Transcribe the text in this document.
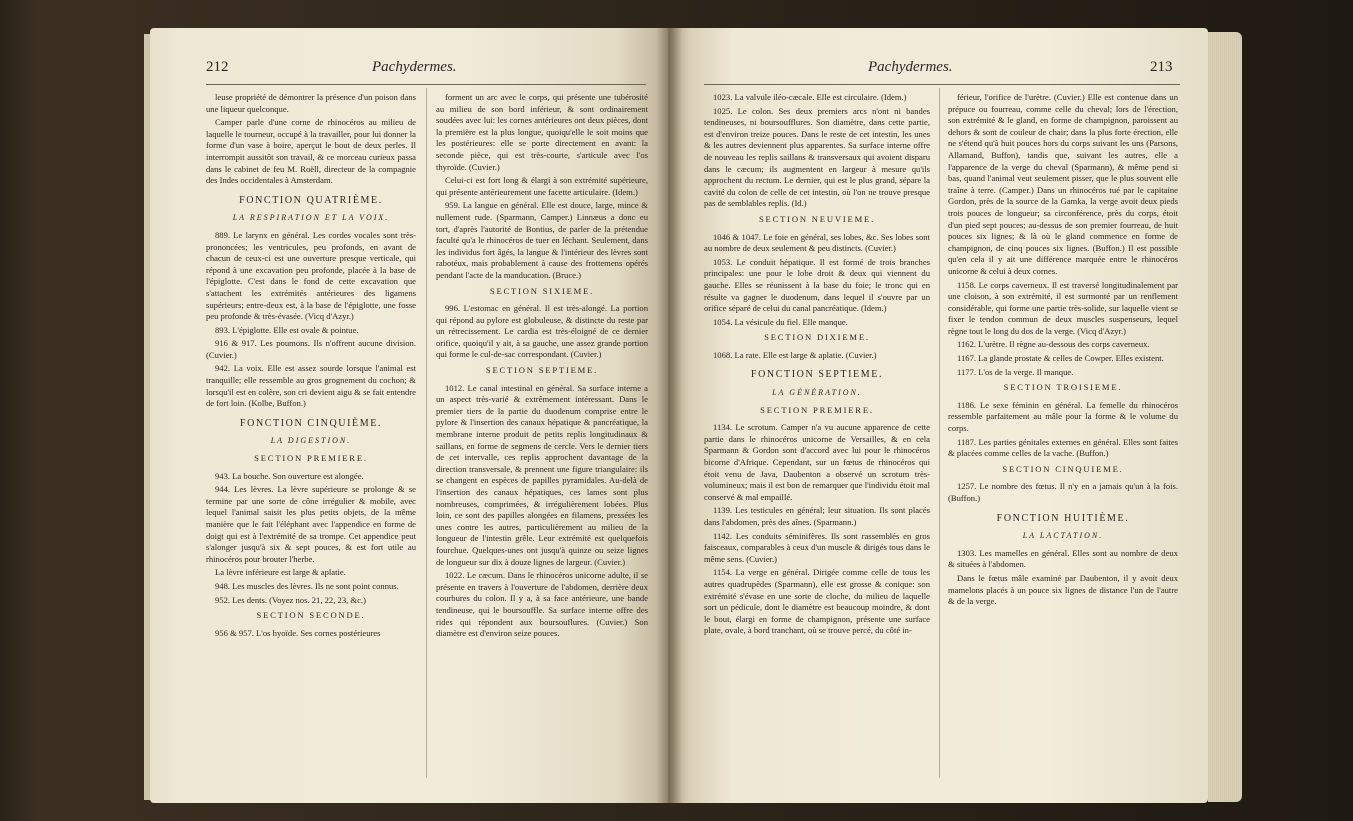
212	Pachydermes.

leuse propriété de démontrer la présence d'un poison dans une liqueur quelconque.

Camper parle d'une corne de rhinocéros au milieu de laquelle le tourneur, occupé à la travailler, pour lui donner la forme d'un vase à boire, aperçut le bout de deux perles. Il interrompit aussitôt son travail, & ce morceau curieux passa dans le cabinet de feu M. Roëll, directeur de la compagnie des Indes occidentales à Amsterdam.

FONCTION QUATRIÈME.
LA RESPIRATION ET LA VOIX.

889. Le larynx en général. Les cordes vocales sont très-prononcées; les ventricules, peu profonds, en avant de chacun de ceux-ci est une ouverture presque verticale, qui répond à une excavation peu profonde, placée à la base de l'épiglotte. C'est dans le fond de cette excavation que s'attachent les extrémités antérieures des ligamens supérieurs; entre-deux est, à la base de l'épiglotte, une fosse peu profonde & très-évasée. (Vicq d'Azyr.)

893. L'épiglotte. Elle est ovale & pointue.

916 & 917. Les poumons. Ils n'offrent aucune division. (Cuvier.)

942. La voix. Elle est assez sourde lorsque l'animal est tranquille; elle ressemble au gros grognement du cochon; & lorsqu'il est en colère, son cri devient aigu & se fait entendre de fort loin. (Kolbe, Buffon.)

FONCTION CINQUIÈME.
LA DIGESTION.
SECTION PREMIERE.

943. La bouche. Son ouverture est alongée.

944. Les lèvres. La lèvre supérieure se prolonge & se termine par une sorte de cône irrégulier & mobile, avec lequel l'animal saisit les plus petits objets, de la même manière que le fait l'éléphant avec l'appendice en forme de doigt qui est à l'extrémité de sa trompe. Cet appendice peut s'alonger jusqu'à six & sept pouces, & est fort utile au rhinocéros pour brouter l'herbe.

La lèvre inférieure est large & aplatie.

948. Les muscles des lèvres. Ils ne sont point connus.

952. Les dents. (Voyez nos. 21, 22, 23, &c.)

SECTION SECONDE.

956 & 957. L'os hyoïde. Ses cornes postérieures

forment un arc avec le corps, qui présente une tubérosité au milieu de son bord inférieur, & sont ordinairement soudées avec lui: les cornes antérieures ont deux pièces, dont la première est la plus longue, quoiqu'elle le soit moins que les postérieures: elle se porte directement en avant: la seconde pièce, qui est très-courte, s'articule avec l'os thyroïde. (Cuvier.)

Celui-ci est fort long & élargi à son extrémité supérieure, qui présente antérieurement une facette articulaire. (Idem.)

959. La langue en général. Elle est douce, large, mince & nullement rude. (Sparmann, Camper.) Linnæus a donc eu tort, d'après l'autorité de Bontius, de parler de la prétendue faculté qu'a le rhinocéros de tuer en léchant. Seulement, dans les individus fort âgés, la langue & l'intérieur des lèvres sont rabotéux, mais probablement à cause des frottemens opérés pendant l'acte de la manducation. (Bruce.)

SECTION SIXIEME.

996. L'estomac en général. Il est très-alongé. La portion qui répond au pylore est globuleuse, & distincte du reste par un rétrecissement. Le cardia est très-éloigné de ce dernier orifice, quoiqu'il y ait, à sa gauche, une assez grande portion qui forme le cul-de-sac correspondant. (Cuvier.)

SECTION SEPTIEME.

1012. Le canal intestinal en général. Sa surface interne a un aspect très-varié & extrêmement intéressant. Dans le premier tiers de la partie du duodenum comprise entre le pylore & l'insertion des canaux hépatique & pancréatique, la membrane interne produit de petits replis longitudinaux & saillans, en forme de segmens de cercle. Vers le dernier tiers de cet intervalle, ces replis approchent davantage de la direction transversale, & prennent une figure triangulaire: ils se changent en espèces de papilles pyramidales. Au-delà de l'insertion des canaux hépatiques, ces lames sont plus nombreuses, comprimées, & irrégulièrement lobées. Plus loin, ce sont des papilles alongées en filamens, pressées les unes contre les autres, particulièrement au milieu de la longueur de l'intestin grêle. Leur extrémité est quelquefois fourchue. Quelques-unes ont jusqu'à quinze ou seize lignes de longueur sur dix à douze lignes de largeur. (Cuvier.)

1022. Le cæcum. Dans le rhinocéros unicorne adulte, il se présente en travers à l'ouverture de l'abdomen, derrière deux courbures du colon. Il y a, à sa face antérieure, une bande tendineuse, qui le boursouffle. Sa surface interne offre des rides qui répondent aux boursouflures. (Cuvier.) Son diamètre est d'environ seize pouces.

Pachydermes.	213

1023. La valvule iléo-cæcale. Elle est circulaire. (Idem.)

1025. Le colon. Ses deux premiers arcs n'ont ni bandes tendineuses, ni boursoufflures. Son diamètre, dans cette partie, est d'environ treize pouces. Dans le reste de cet intestin, les unes & les autres deviennent plus apparentes. Sa surface interne offre de nouveau les replis saillans & transversaux qui avoient disparu dans le cæcum; ils augmentent en largeur à mesure qu'ils approchent du rectum. Le dernier, qui est le plus grand, sépare la cavité du colon de celle de cet intestin, où l'on ne trouve presque pas de semblables replis. (Id.)

SECTION NEUVIEME.

1046 & 1047. Le foie en général, ses lobes, &c. Ses lobes sont au nombre de deux seulement & peu distincts. (Cuvier.)

1053. Le conduit hépatique. Il est formé de trois branches principales: une pour le lobe droit & deux qui viennent du gauche. Elles se réunissent à la base du foie; le tronc qui en résulte va gagner le duodenum, dans lequel il s'ouvre par un orifice séparé de celui du canal pancréatique. (Idem.)

1054. La vésicule du fiel. Elle manque.

SECTION DIXIEME.

1068. La rate. Elle est large & aplatie. (Cuvier.)

FONCTION SEPTIEME.
LA GÉNÉRATION.
SECTION PREMIERE.

1134. Le scrotum. Camper n'a vu aucune apparence de cette partie dans le rhinocéros unicorne de Versailles, & en cela Sparmann & Gordon sont d'accord avec lui pour le rhinocéros bicorne d'Afrique. Cependant, sur un fœtus de rhinocéros qui étoit venu de Java, Daubenton a observé un scrotum très-volumineux; mais il est bon de remarquer que l'individu étoit mal conservé & mal empaillé.

1139. Les testicules en général; leur situation. Ils sont placés dans l'abdomen, près des aînes. (Sparmann.)

1142. Les conduits séminifères. Ils sont rassemblés en gros faisceaux, comparables à ceux d'un muscle & dirigés tous dans le même sens. (Cuvier.)

1154. La verge en général. Dirigée comme celle de tous les autres quadrupèdes (Sparmann), elle est grosse & conique: son extrémité s'évase en une sorte de cloche, du milieu de laquelle sort un pédicule, dont le diamètre est beaucoup moindre, & dont le bout, élargi en forme de champignon, présente une surface plate, ovale, à bord tranchant, où se trouve percé, du côté in-

férieur, l'orifice de l'urètre. (Cuvier.) Elle est contenue dans un prépuce ou fourreau, comme celle du cheval; lors de l'érection, son extrémité & le gland, en forme de champignon, paroissent au dehors & sont de couleur de chair; dans la plus forte érection, elle ne s'étend qu'à huit pouces hors du corps suivant les uns (Parsons, Allamand, Buffon), tandis que, suivant les autres, elle a l'apparence de la verge du cheval (Sparmann), & même pend si bas, quand l'animal veut seulement pisser, que le plus souvent elle traîne à terre. (Camper.) Dans un rhinocéros tué par le capitaine Gordon, près de la source de la Gamka, la verge avoit deux pieds trois pouces de longueur; sa circonférence, près du corps, étoit d'un pied sept pouces; au-dessus de son premier fourreau, de huit pouces six lignes; & là où le gland commence en forme de champignon, de cinq pouces six lignes. (Buffon.) Il est possible qu'en cela il y ait une différence marquée entre le rhinocéros unicorne & celui à deux cornes.

1158. Le corps caverneux. Il est traversé longitudinalement par une cloison, à son extrémité, il est surmonté par un renflement considérable, qui forme une partie très-solide, sur laquelle vient se fixer le tendon commun de deux muscles suspenseurs, lequel règne tout le long du dos de la verge. (Vicq d'Azyr.)

1162. L'urètre. Il règne au-dessous des corps caverneux.

1167. La glande prostate & celles de Cowper. Elles existent.

1177. L'os de la verge. Il manque.

SECTION TROISIEME.

1186. Le sexe féminin en général. La femelle du rhinocéros ressemble parfaitement au mâle pour la forme & le volume du corps.

1187. Les parties génitales externes en général. Elles sont faites & placées comme celles de la vache. (Buffon.)

SECTION CINQUIEME.

1257. Le nombre des fœtus. Il n'y en a jamais qu'un à la fois. (Buffon.)

FONCTION HUITIÈME.
LA LACTATION.

1303. Les mamelles en général. Elles sont au nombre de deux & situées à l'abdomen.

Dans le fœtus mâle examiné par Daubenton, il y avoit deux mamelons placés à un pouce six lignes de distance l'un de l'autre & de la verge.
